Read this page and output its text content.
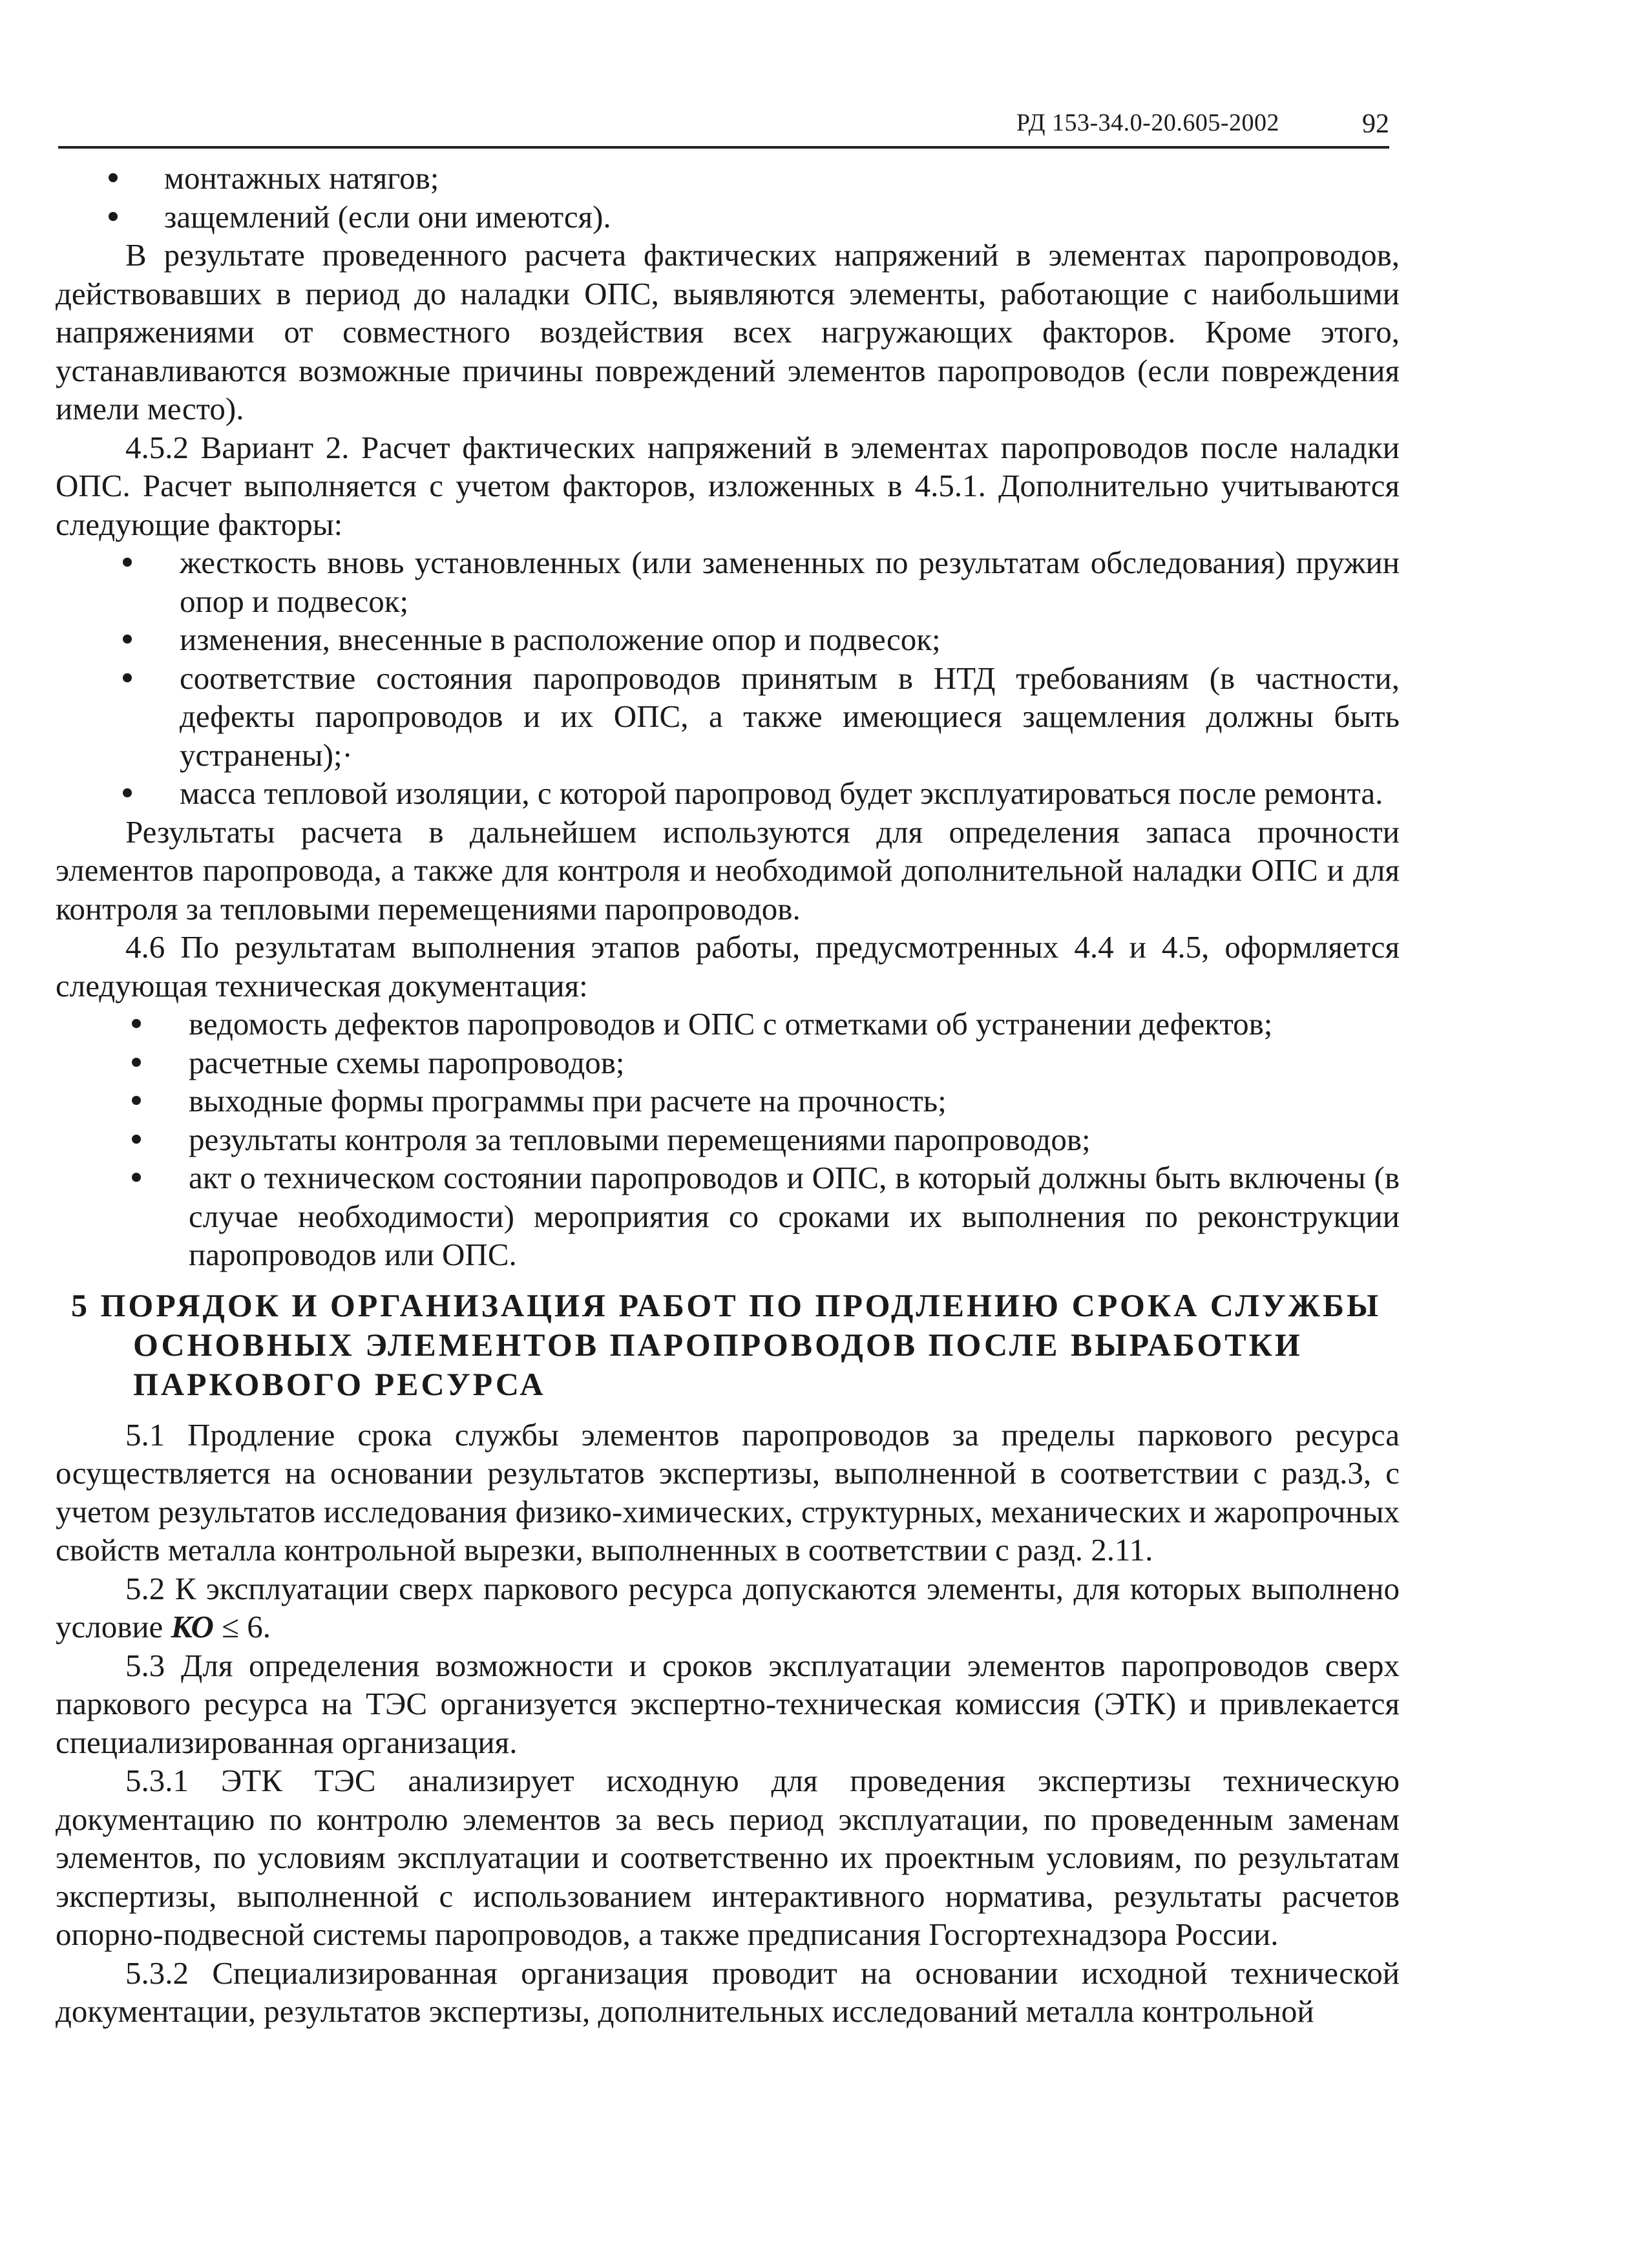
РД 153-34.0-20.605-2002	92
монтажных натягов;
защемлений (если они имеются).

В результате проведенного расчета фактических напряжений в элементах паропроводов, действовавших в период до наладки ОПС, выявляются элементы, работающие с наибольшими напряжениями от совместного воздействия всех нагружающих факторов. Кроме этого, устанавливаются возможные причины повреждений элементов паропроводов (если повреждения имели место).

4.5.2 Вариант 2. Расчет фактических напряжений в элементах паропроводов после наладки ОПС. Расчет выполняется с учетом факторов, изложенных в 4.5.1. Дополнительно учитываются следующие факторы:

жесткость вновь установленных (или замененных по результатам обследования) пружин опор и подвесок;
изменения, внесенные в расположение опор и подвесок;
соответствие состояния паропроводов принятым в НТД требованиям (в частности, дефекты паропроводов и их ОПС, а также имеющиеся защемления должны быть устранены);·
масса тепловой изоляции, с которой паропровод будет эксплуатироваться после ремонта.

Результаты расчета в дальнейшем используются для определения запаса прочности элементов паропровода, а также для контроля и необходимой дополнительной наладки ОПС и для контроля за тепловыми перемещениями паропроводов.

4.6 По результатам выполнения этапов работы, предусмотренных 4.4 и 4.5, оформляется следующая техническая документация:

ведомость дефектов паропроводов и ОПС с отметками об устранении дефектов;
расчетные схемы паропроводов;
выходные формы программы при расчете на прочность;
результаты контроля за тепловыми перемещениями паропроводов;
акт о техническом состоянии паропроводов и ОПС, в который должны быть включены (в случае необходимости) мероприятия со сроками их выполнения по реконструкции паропроводов или ОПС.
5 ПОРЯДОК И ОРГАНИЗАЦИЯ РАБОТ ПО ПРОДЛЕНИЮ СРОКА СЛУЖБЫ ОСНОВНЫХ ЭЛЕМЕНТОВ ПАРОПРОВОДОВ ПОСЛЕ ВЫРАБОТКИ ПАРКОВОГО РЕСУРСА

5.1 Продление срока службы элементов паропроводов за пределы паркового ресурса осуществляется на основании результатов экспертизы, выполненной в соответствии с разд.3, с учетом результатов исследования физико-химических, структурных, механических и жаропрочных свойств металла контрольной вырезки, выполненных в соответствии с разд. 2.11.

5.2 К эксплуатации сверх паркового ресурса допускаются элементы, для которых выполнено условие КО ≤ 6.

5.3 Для определения возможности и сроков эксплуатации элементов паропроводов сверх паркового ресурса на ТЭС организуется экспертно-техническая комиссия (ЭТК) и привлекается специализированная организация.

5.3.1 ЭТК ТЭС анализирует исходную для проведения экспертизы техническую документацию по контролю элементов за весь период эксплуатации, по проведенным заменам элементов, по условиям эксплуатации и соответственно их проектным условиям, по результатам экспертизы, выполненной с использованием интерактивного норматива, результаты расчетов опорно-подвесной системы паропроводов, а также предписания Госгортехнадзора России.

5.3.2 Специализированная организация проводит на основании исходной технической документации, результатов экспертизы, дополнительных исследований металла контрольной
